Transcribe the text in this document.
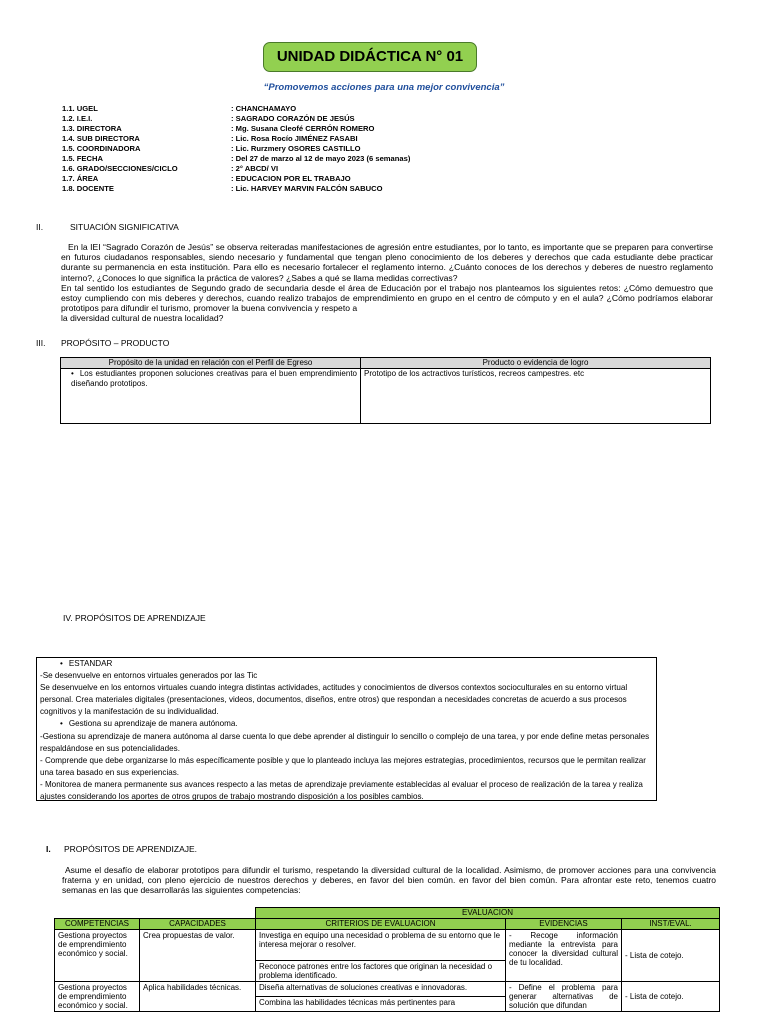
UNIDAD DIDÁCTICA N° 01
“Promovemos acciones para una mejor convivencia”
1.1. UGEL	: CHANCHAMAYO
1.2. I.E.I.	: SAGRADO CORAZÓN DE JESÚS
1.3. DIRECTORA	: Mg. Susana Cleofé CERRÓN ROMERO
1.4. SUB DIRECTORA	: Lic. Rosa Rocío JIMÉNEZ FASABI
1.5. COORDINADORA	: Lic. Rurzmery OSORES CASTILLO
1.5. FECHA	: Del 27 de marzo al 12 de mayo 2023 (6 semanas)
1.6. GRADO/SECCIONES/CICLO	: 2° ABCD/ VI
1.7. ÁREA	: EDUCACION POR EL TRABAJO
1.8. DOCENTE	: Lic. HARVEY MARVIN FALCÓN SABUCO
II.	SITUACIÓN SIGNIFICATIVA

En la IEI “Sagrado Corazón de Jesús” se observa reiteradas manifestaciones de agresión entre estudiantes, por lo tanto, es importante que se preparen para convertirse en futuros ciudadanos responsables, siendo necesario y fundamental que tengan pleno conocimiento de los deberes y derechos que cada estudiante debe practicar durante su permanencia en esta institución. Para ello es necesario fortalecer el reglamento interno. ¿Cuánto conoces de los derechos y deberes de nuestro reglamento interno?, ¿Conoces lo que significa la práctica de valores? ¿Sabes a qué se llama medidas correctivas?

En tal sentido los estudiantes de Segundo grado de secundaria desde el área de Educación por el trabajo nos planteamos los siguientes retos: ¿Cómo demuestro que estoy cumpliendo con mis deberes y derechos, cuando realizo trabajos de emprendimiento en grupo en el centro de cómputo y en el aula? ¿Cómo podríamos elaborar prototipos para difundir el turismo, promover la buena convivencia y respeto a

la diversidad cultural de nuestra localidad?

III. PROPÓSITO – PRODUCTO
Propósito de la unidad en relación con el Perfil de Egreso	Producto o evidencia de logro
• Los estudiantes proponen soluciones creativas para el buen emprendimiento diseñando prototipos.	Prototipo de los actractivos turísticos, recreos campestres. etc
IV. PROPÓSITOS DE APRENDIZAJE

• ESTANDAR

-Se desenvuelve en entornos virtuales generados por las Tic

Se desenvuelve en los entornos virtuales cuando integra distintas actividades, actitudes y conocimientos de diversos contextos socioculturales en su entorno virtual personal. Crea materiales digitales (presentaciones, videos, documentos, diseños, entre otros) que respondan a necesidades concretas de acuerdo a sus procesos cognitivos y la manifestación de su individualidad.

• Gestiona su aprendizaje de manera autónoma.

-Gestiona su aprendizaje de manera autónoma al darse cuenta lo que debe aprender al distinguir lo sencillo o complejo de una tarea, y por ende define metas personales respaldándose en sus potencialidades.

- Comprende que debe organizarse lo más específicamente posible y que lo planteado incluya las mejores estrategias, procedimientos, recursos que le permitan realizar una tarea basado en sus experiencias.

- Monitorea de manera permanente sus avances respecto a las metas de aprendizaje previamente establecidas al evaluar el proceso de realización de la tarea y realiza ajustes considerando los aportes de otros grupos de trabajo mostrando disposición a los posibles cambios.

I. PROPÓSITOS DE APRENDIZAJE.
Asume el desafío de elaborar prototipos para difundir el turismo, respetando la diversidad cultural de la localidad. Asimismo, de promover acciones para una convivencia fraterna y en unidad, con pleno ejercicio de nuestros derechos y deberes, en favor del bien común. en favor del bien común. Para afrontar este reto, tenemos cuatro semanas en las que desarrollarás las siguientes competencias:
		EVALUACION		
COMPETENCIAS	CAPACIDADES	CRITERIOS DE EVALUACION	EVIDENCIAS	INST/EVAL.
Gestiona proyectos de emprendimiento económico y social.	Crea propuestas de valor.	Investiga en equipo una necesidad o problema de su entorno que le interesa mejorar o resolver.	- Recoge información mediante la entrevista para conocer la diversidad cultural de tu localidad.	- Lista de cotejo.
		Reconoce patrones entre los factores que originan la necesidad o problema identificado.		
Gestiona proyectos de emprendimiento económico y social.	Aplica habilidades técnicas.	Diseña alternativas de soluciones creativas e innovadoras.	- Define el problema para generar alternativas de solución que difundan	- Lista de cotejo.
		Combina las habilidades técnicas más pertinentes para		
